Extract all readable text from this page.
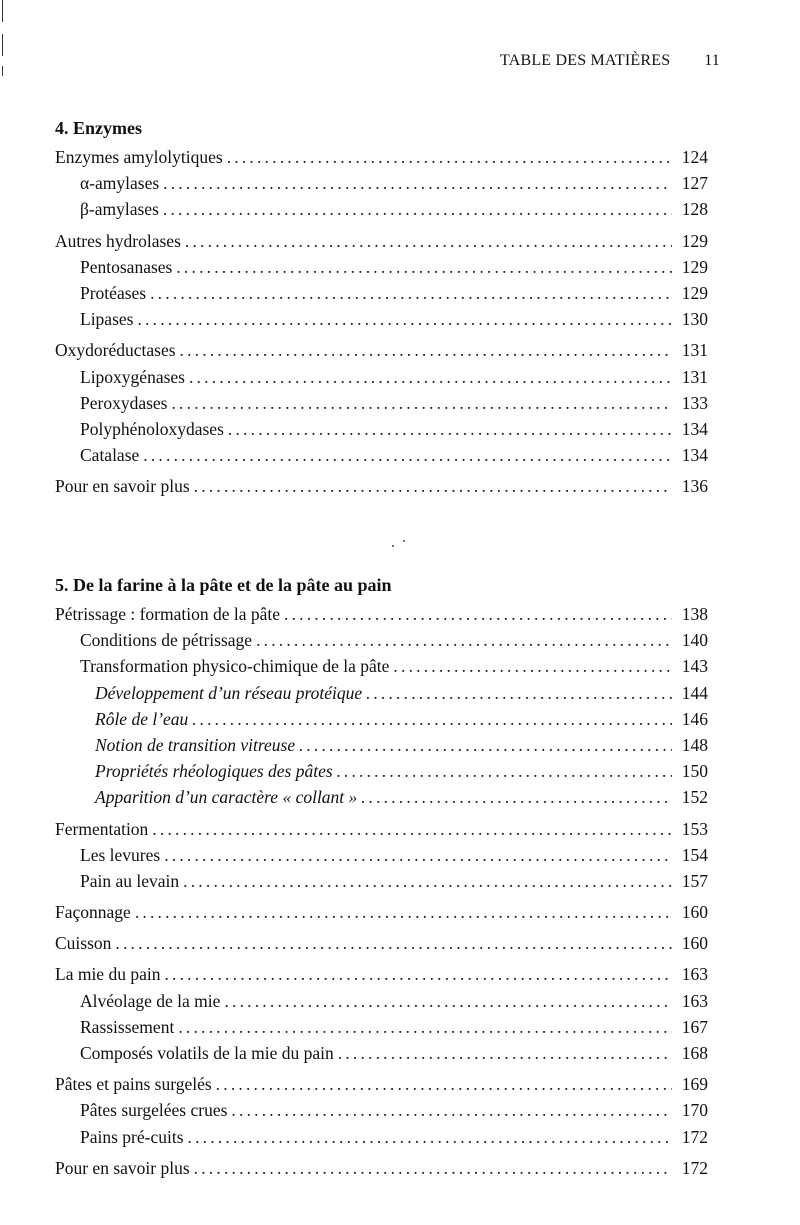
TABLE DES MATIÈRES 11
4. Enzymes
Enzymes amylolytiques .....	124
α-amylases .....	127
β-amylases .....	128
Autres hydrolases .....	129
Pentosanases .....	129
Protéases .....	129
Lipases .....	130
Oxydoréductases .....	131
Lipoxygénases .....	131
Peroxydases .....	133
Polyphénoloxydases .....	134
Catalase .....	134
Pour en savoir plus .....	136
5. De la farine à la pâte et de la pâte au pain
Pétrissage : formation de la pâte .....	138
Conditions de pétrissage .....	140
Transformation physico-chimique de la pâte .....	143
Développement d’un réseau protéique .....	144
Rôle de l’eau .....	146
Notion de transition vitreuse .....	148
Propriétés rhéologiques des pâtes .....	150
Apparition d’un caractère « collant » .....	152
Fermentation .....	153
Les levures .....	154
Pain au levain .....	157
Façonnage .....	160
Cuisson .....	160
La mie du pain .....	163
Alvéolage de la mie .....	163
Rassissement .....	167
Composés volatils de la mie du pain .....	168
Pâtes et pains surgelés .....	169
Pâtes surgelées crues .....	170
Pains pré-cuits .....	172
Pour en savoir plus .....	172
